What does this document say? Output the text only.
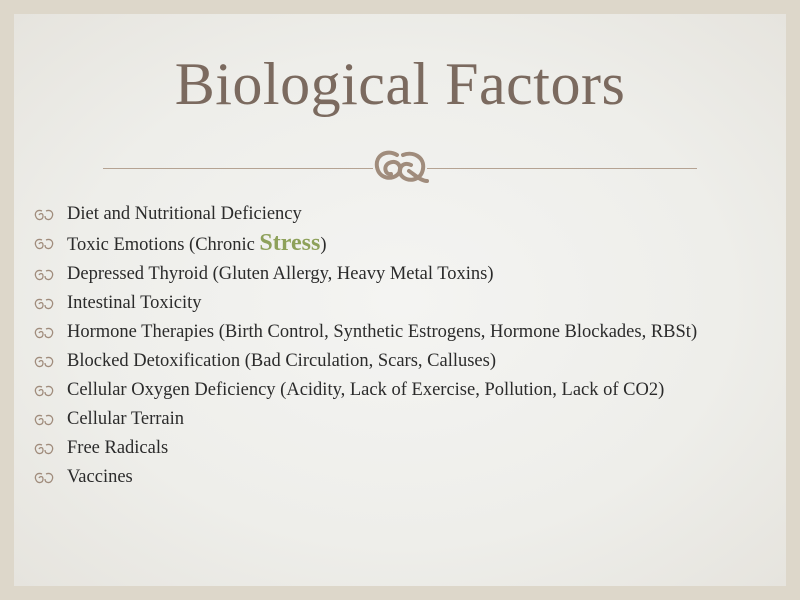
Biological Factors
Diet and Nutritional Deficiency
Toxic Emotions (Chronic Stress)
Depressed Thyroid (Gluten Allergy, Heavy Metal Toxins)
Intestinal Toxicity
Hormone Therapies (Birth Control, Synthetic Estrogens, Hormone Blockades, RBSt)
Blocked Detoxification (Bad Circulation, Scars, Calluses)
Cellular Oxygen Deficiency (Acidity, Lack of Exercise, Pollution, Lack of CO2)
Cellular Terrain
Free Radicals
Vaccines
